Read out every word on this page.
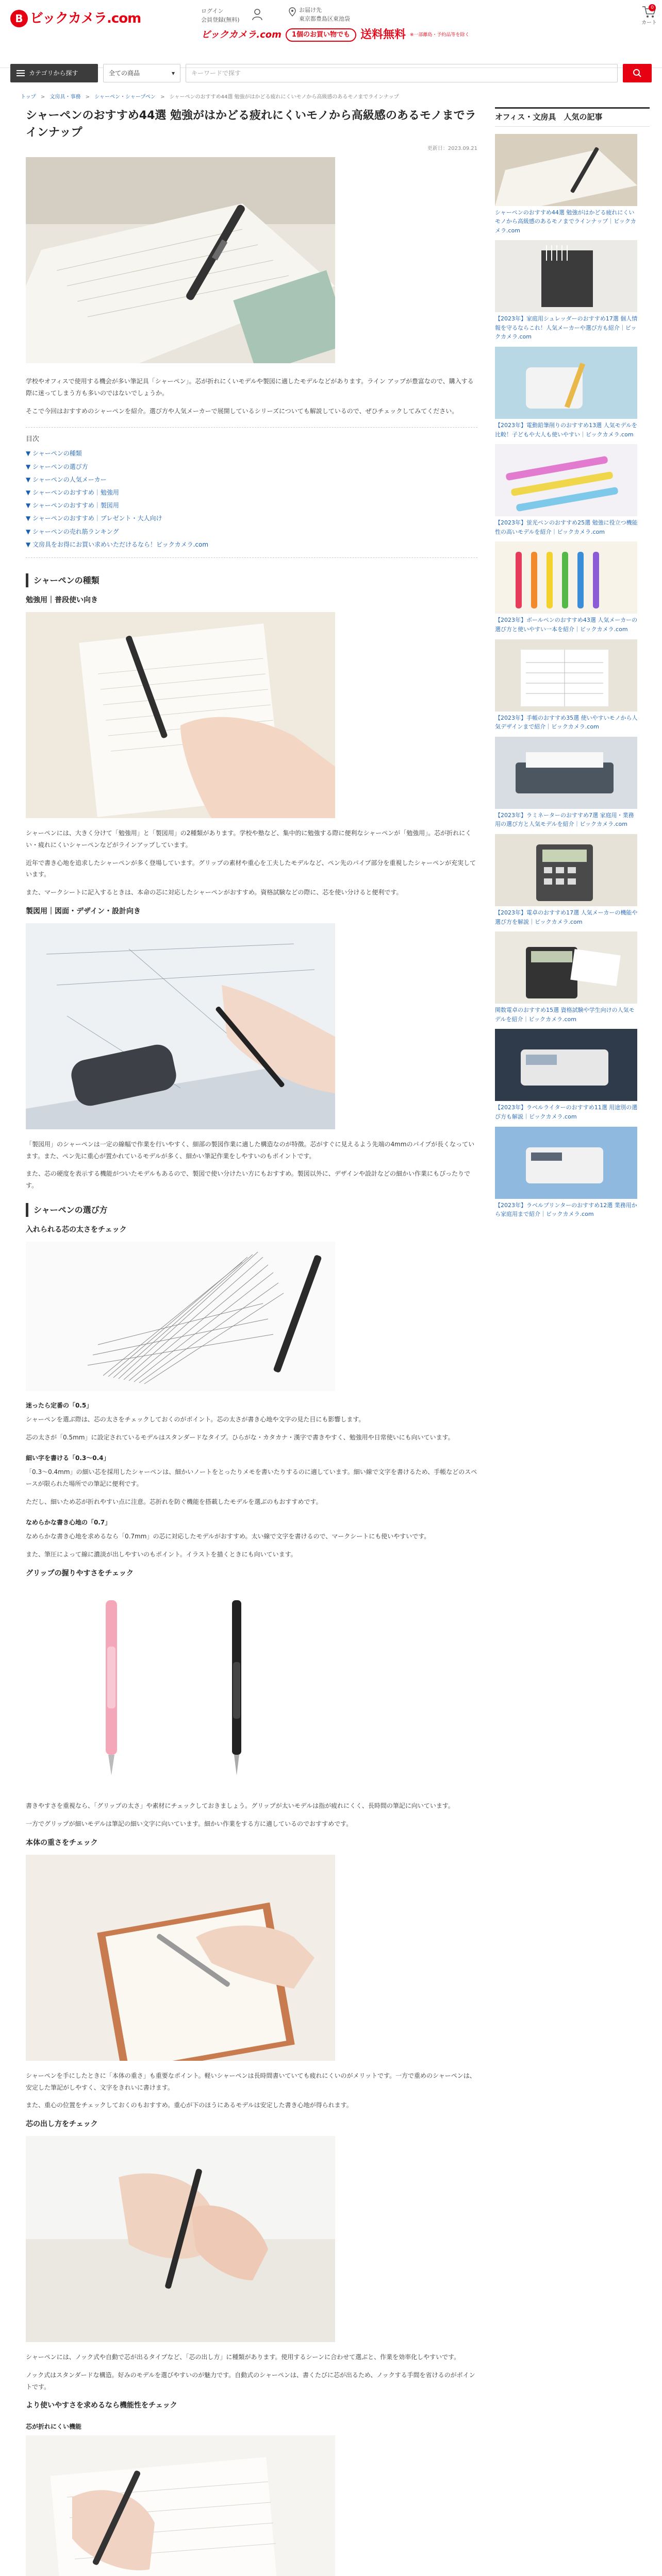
B ビックカメラ.com	ログイン
会員登録(無料)
お届け先
東京都豊島区東池袋
0
カート
ビックカメラ.com	1個のお買い物でも 送料無料 ※一部離島・予約品等を除く
カテゴリから探す	全ての商品	▾	キーワードで探す
トップ > 文房具・事務 > シャーペン・シャープペン > シャーペンのおすすめ44選 勉強がはかどる疲れにくいモノから高級感のあるモノまでラインナップ
シャーペンのおすすめ44選 勉強がはかどる疲れにくいモノから高級感のあるモノまでラインナップ
更新日：2023.09.21

学校やオフィスで使用する機会が多い筆記具「シャーペン」。芯が折れにくいモデルや製図に適したモデルなどがあります。ライン アップが豊富なので、購入する際に迷ってしまう方も多いのではないでしょうか。

そこで今回はおすすめのシャーペンを紹介。選び方や人気メーカーで展開しているシリーズについても解説しているので、ぜひチェックしてみてください。

目次
▼ シャーペンの種類
▼ シャーペンの選び方
▼ シャーペンの人気メーカー
▼ シャーペンのおすすめ｜勉強用
▼ シャーペンのおすすめ｜製図用
▼ シャーペンのおすすめ｜プレゼント・大人向け
▼ シャーペンの売れ筋ランキング
▼ 文房具をお得にお買い求めいただけるなら！ビックカメラ.com
シャーペンの種類
勉強用｜普段使い向き

シャーペンには、大きく分けて「勉強用」と「製図用」の2種類があります。学校や塾など、集中的に勉強する際に便利なシャーペンが「勉強用」。芯が折れにくい・疲れにくいシャーペンなどがラインアップしています。

近年で書き心地を追求したシャーペンが多く登場しています。グリップの素材や重心を工夫したモデルなど、ペン先のパイプ部分を重視したシャーペンが充実しています。

また、マークシートに記入するときは、本命の芯に対応したシャーペンがおすすめ。資格試験などの際に、芯を使い分けると便利です。

製図用｜図面・デザイン・設計向き

「製図用」のシャーペンは一定の線幅で作業を行いやすく、細部の製図作業に適した構造なのが特徴。芯がすぐに見えるよう先端の4mmのパイプが長くなっています。また、ペン先に重心が置かれているモデルが多く、細かい筆記作業をしやすいのもポイントです。

また、芯の硬度を表示する機能がついたモデルもあるので、製図で使い分けたい方にもおすすめ。製図以外に、デザインや設計などの細かい作業にもぴったりです。

シャーペンの選び方
入れられる芯の太さをチェック
迷ったら定番の「0.5」

シャーペンを選ぶ際は、芯の太さをチェックしておくのがポイント。芯の太さが書き心地や文字の見た目にも影響します。

芯の太さが「0.5mm」に設定されているモデルはスタンダードなタイプ。ひらがな・カタカナ・漢字で書きやすく、勉強用や日常使いにも向いています。

細い字を書ける「0.3〜0.4」

「0.3〜0.4mm」の細い芯を採用したシャーペンは、細かいノートをとったりメモを書いたりするのに適しています。細い線で文字を書けるため、手帳などのスペースが限られた場所での筆記に便利です。

ただし、細いため芯が折れやすい点に注意。芯折れを防ぐ機能を搭載したモデルを選ぶのもおすすめです。

なめらかな書き心地の「0.7」

なめらかな書き心地を求めるなら「0.7mm」の芯に対応したモデルがおすすめ。太い線で文字を書けるので、マークシートにも使いやすいです。

また、筆圧によって線に濃淡が出しやすいのもポイント。イラストを描くときにも向いています。

グリップの握りやすさをチェック

書きやすさを重視なら、「グリップの太さ」や素材にチェックしておきましょう。グリップが太いモデルは指が疲れにくく、長時間の筆記に向いています。

一方でグリップが細いモデルは筆記の細い文字に向いています。細かい作業をする方に適しているのでおすすめです。

本体の重さをチェック

シャーペンを手にしたときに「本体の重さ」も重要なポイント。軽いシャーペンは長時間書いていても疲れにくいのがメリットです。一方で重めのシャーペンは、安定した筆記がしやすく、文字をきれいに書けます。

また、重心の位置をチェックしておくのもおすすめ。重心が下のほうにあるモデルは安定した書き心地が得られます。

芯の出し方をチェック

シャーペンには、ノック式や自動で芯が出るタイプなど、「芯の出し方」に種類があります。使用するシーンに合わせて選ぶと、作業を効率化しやすいです。

ノック式はスタンダードな構造。好みのモデルを選びやすいのが魅力です。自動式のシャーペンは、書くたびに芯が出るため、ノックする手間を省けるのがポイントです。

より使いやすさを求めるなら機能性をチェック
芯が折れにくい機能

オフィス・文房具　人気の記事
シャーペンのおすすめ44選 勉強がはかどる疲れにくいモノから高級感のあるモノまでラインナップ｜ビックカメラ.com
【2023年】家庭用シュレッダーのおすすめ17選 個人情報を守るならこれ！人気メーカーや選び方も紹介｜ビックカメラ.com
【2023年】電動鉛筆削りのおすすめ13選 人気モデルを比較！子どもや大人も使いやすい｜ビックカメラ.com
【2023年】蛍光ペンのおすすめ25選 勉強に役立つ機能性の高いモデルを紹介｜ビックカメラ.com
【2023年】ボールペンのおすすめ43選 人気メーカーの選び方と使いやすい一本を紹介｜ビックカメラ.com
【2023年】手帳のおすすめ35選 使いやすいモノから人気デザインまで紹介｜ビックカメラ.com
【2023年】ラミネーターのおすすめ7選 家庭用・業務用の選び方と人気モデルを紹介｜ビックカメラ.com
【2023年】電卓のおすすめ17選 人気メーカーの機能や選び方を解説｜ビックカメラ.com
関数電卓のおすすめ15選 資格試験や学生向けの人気モデルを紹介｜ビックカメラ.com
【2023年】ラベルライターのおすすめ11選 用途別の選び方も解説｜ビックカメラ.com
【2023年】ラベルプリンターのおすすめ12選 業務用から家庭用まで紹介｜ビックカメラ.com
